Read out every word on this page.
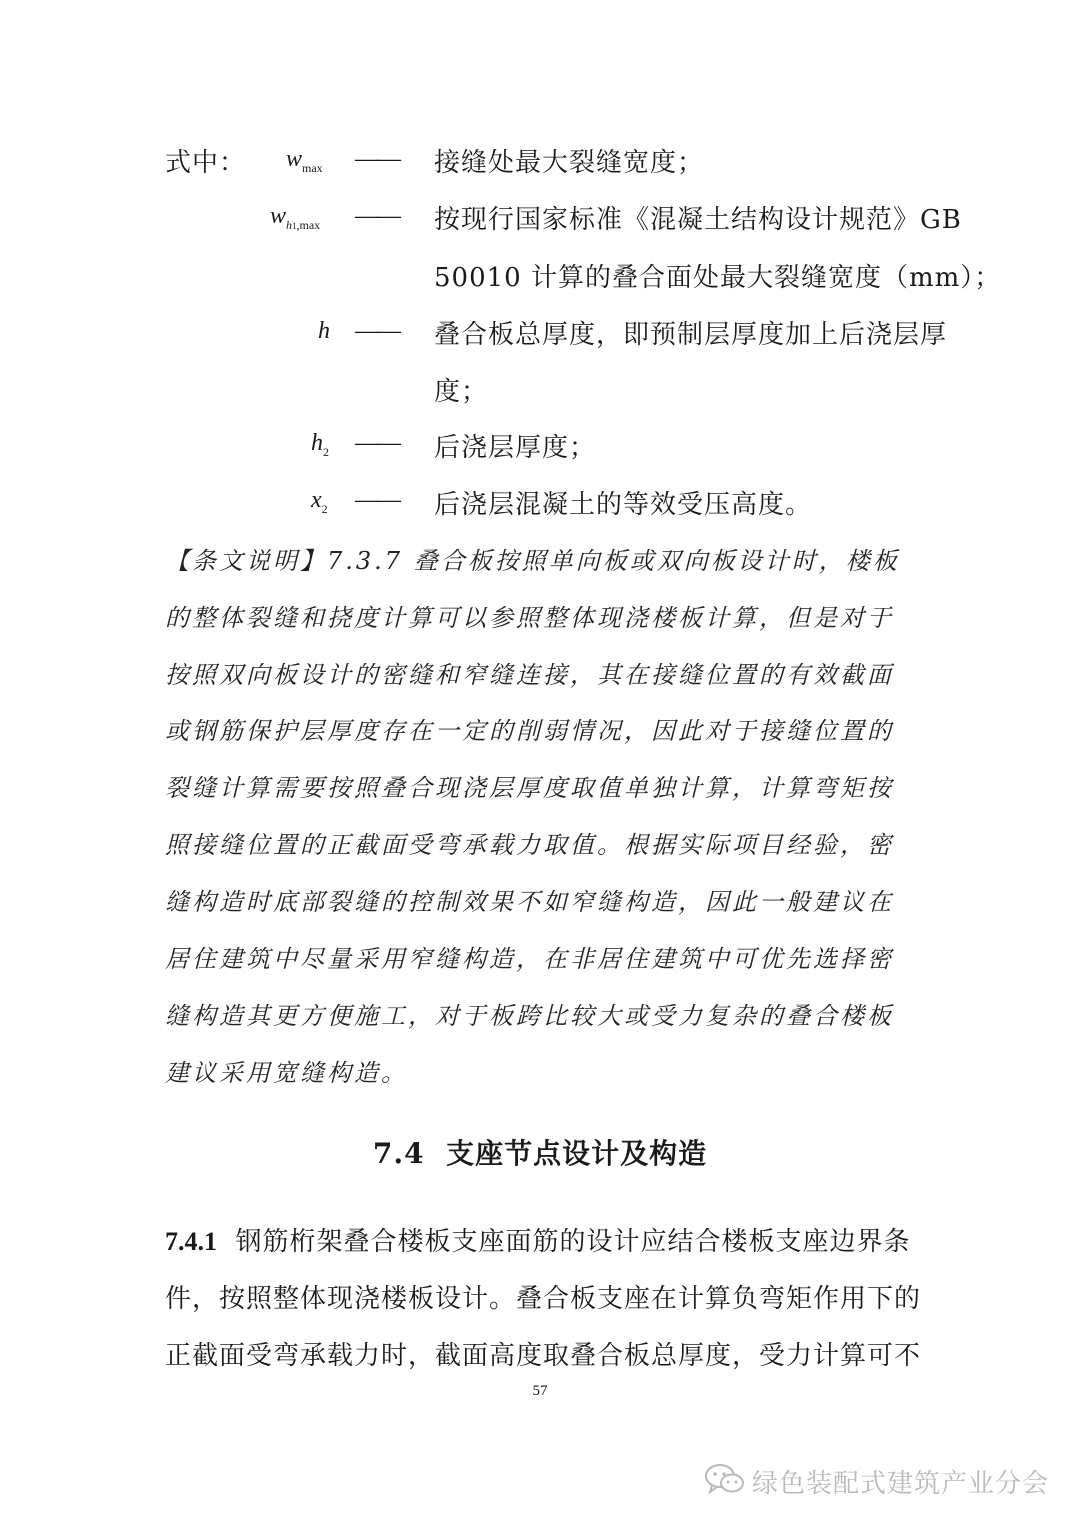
式中： $w_{max}$ —— 接缝处最大裂缝宽度；
$w_{h1,max}$ —— 按现行国家标准《混凝土结构设计规范》GB
50010 计算的叠合面处最大裂缝宽度（mm）；
h —— 叠合板总厚度，即预制层厚度加上后浇层厚
度；
$h_2$ —— 后浇层厚度；
$x_2$ —— 后浇层混凝土的等效受压高度。
【条文说明】7.3.7 叠合板按照单向板或双向板设计时，楼板
的整体裂缝和挠度计算可以参照整体现浇楼板计算，但是对于
按照双向板设计的密缝和窄缝连接，其在接缝位置的有效截面
或钢筋保护层厚度存在一定的削弱情况，因此对于接缝位置的
裂缝计算需要按照叠合现浇层厚度取值单独计算，计算弯矩按
照接缝位置的正截面受弯承载力取值。根据实际项目经验，密
缝构造时底部裂缝的控制效果不如窄缝构造，因此一般建议在
居住建筑中尽量采用窄缝构造，在非居住建筑中可优先选择密
缝构造其更方便施工，对于板跨比较大或受力复杂的叠合楼板
建议采用宽缝构造。
7.4 支座节点设计及构造
7.4.1 钢筋桁架叠合楼板支座面筋的设计应结合楼板支座边界条
件，按照整体现浇楼板设计。叠合板支座在计算负弯矩作用下的
正截面受弯承载力时，截面高度取叠合板总厚度，受力计算可不
57
绿色装配式建筑产业分会
